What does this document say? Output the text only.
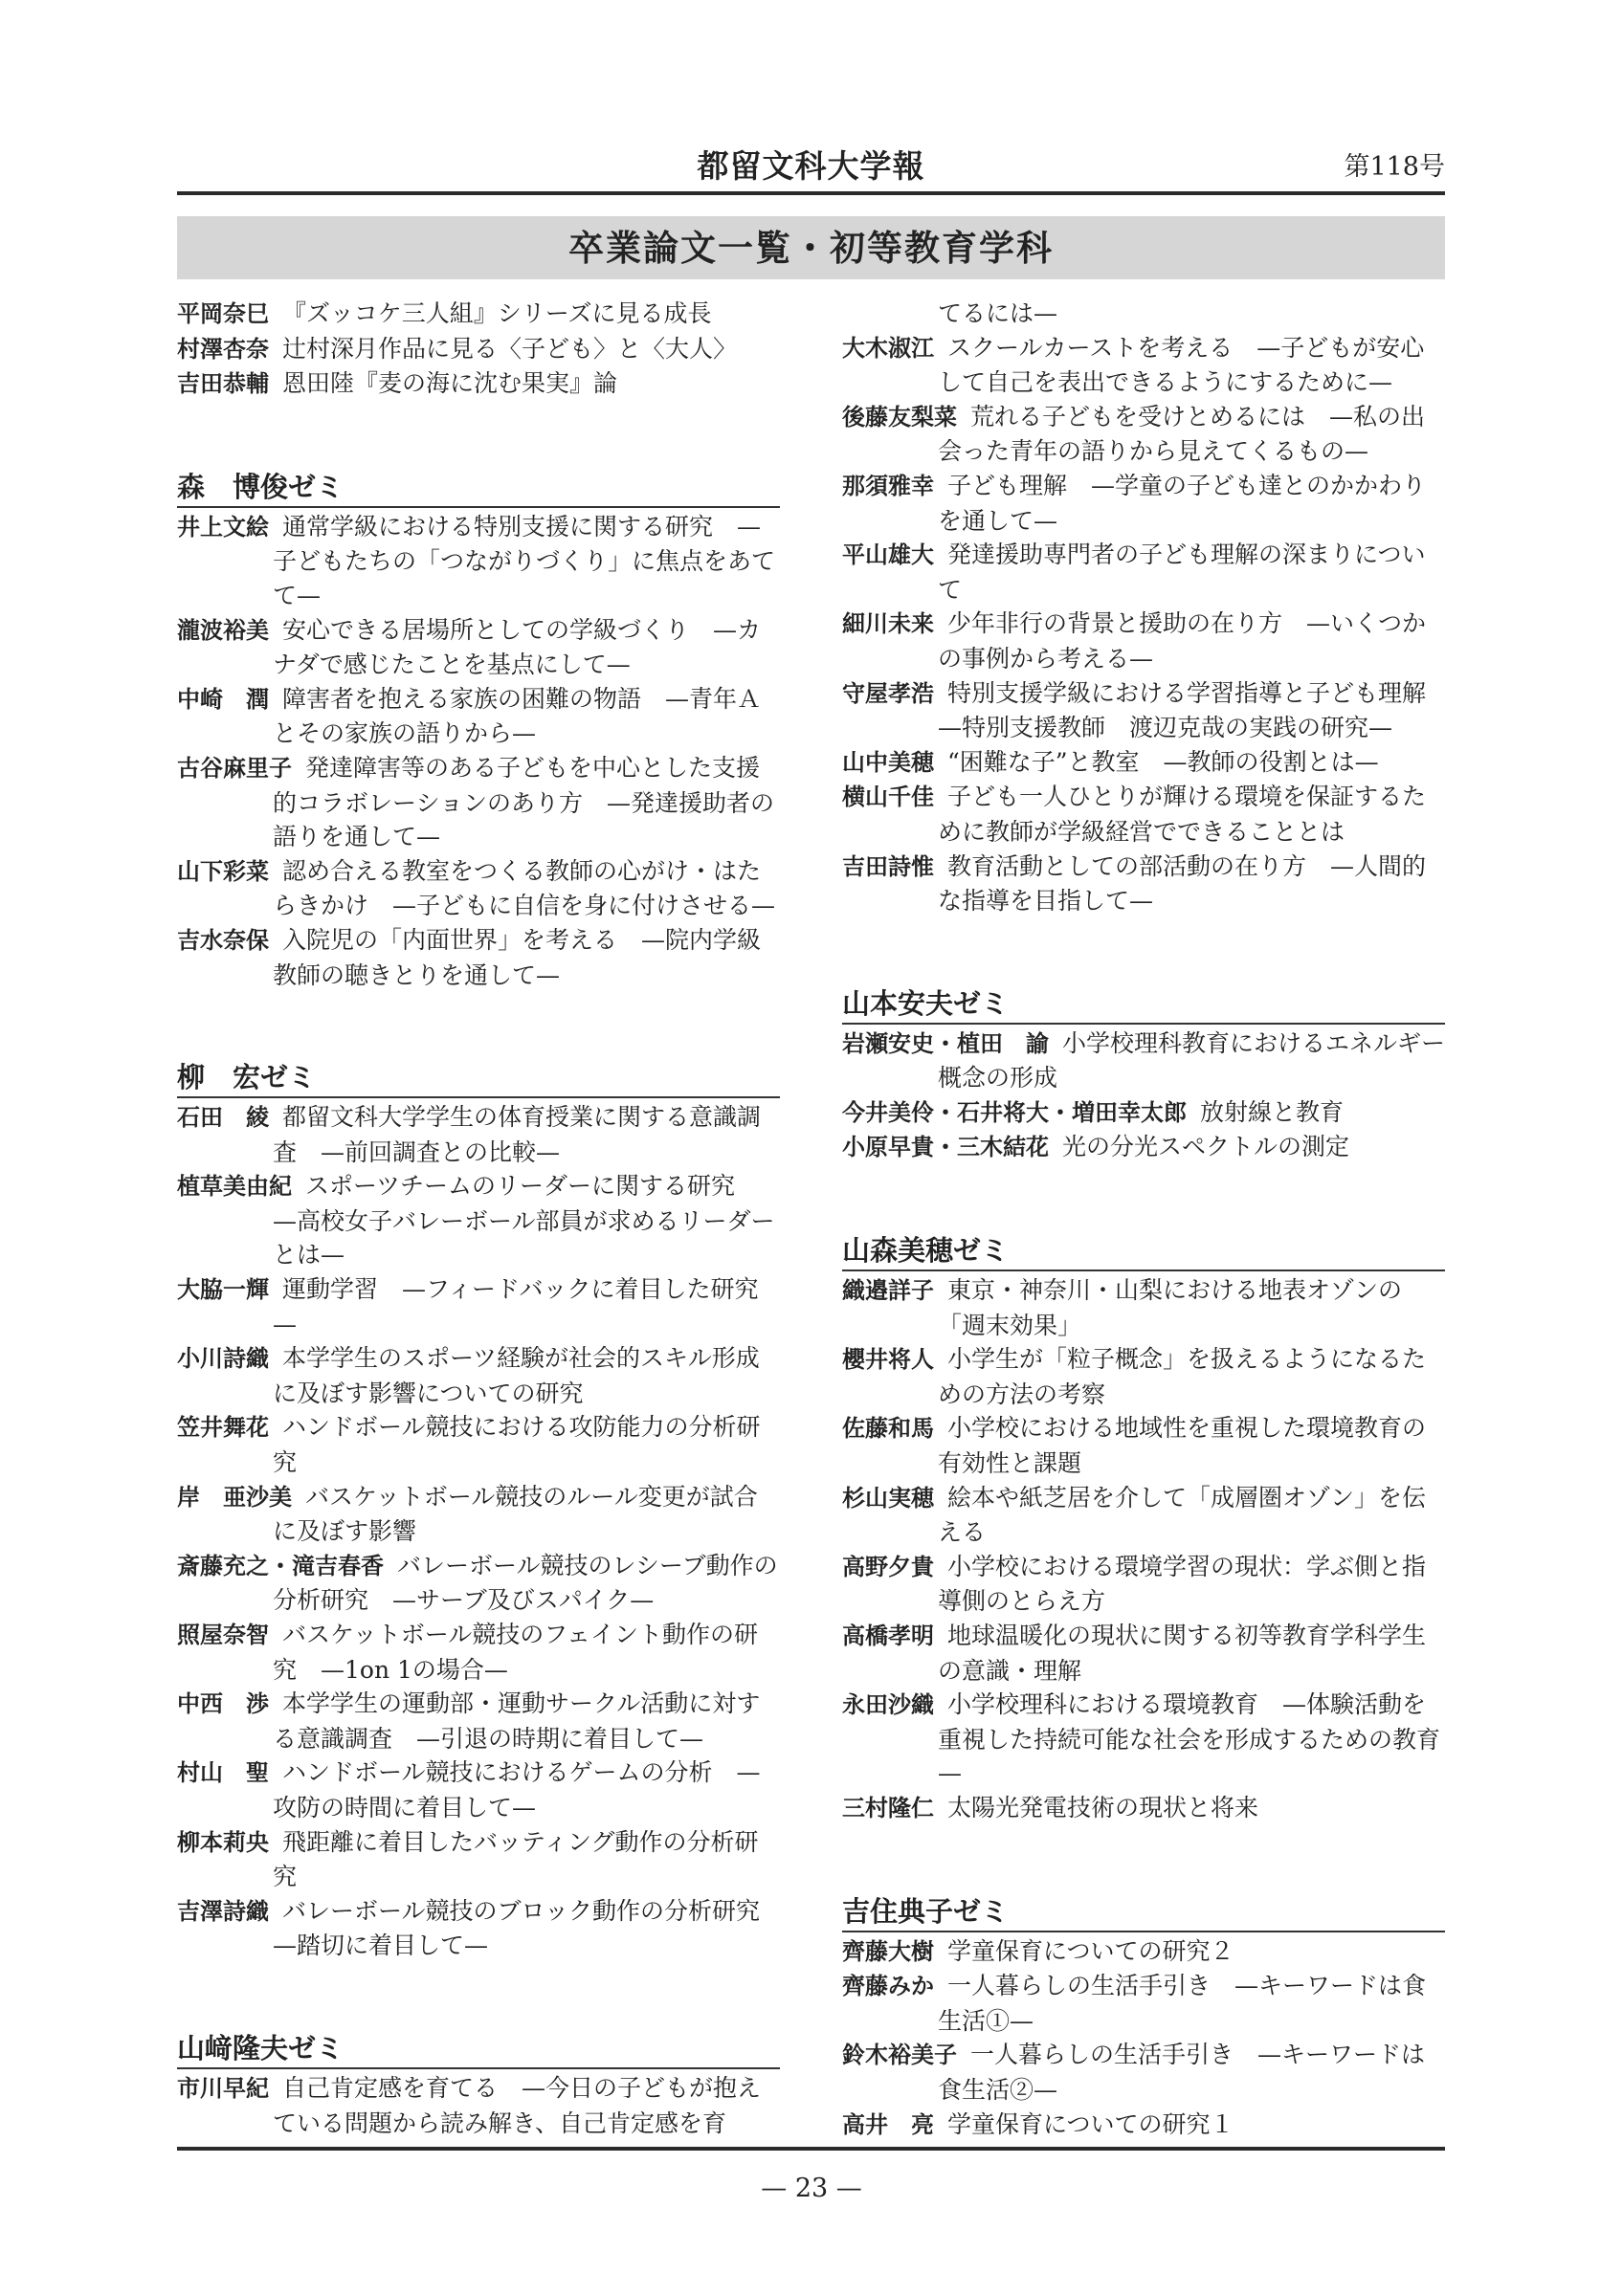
都留文科大学報	第118号
卒業論文一覧・初等教育学科
平岡奈巳 『ズッコケ三人組』シリーズに見る成長
村澤杏奈 辻村深月作品に見る〈子ども〉と〈大人〉
吉田恭輔 恩田陸『麦の海に沈む果実』論
森　博俊ゼミ
井上文絵 通常学級における特別支援に関する研究　—子どもたちの「つながりづくり」に焦点をあてて—
瀧波裕美 安心できる居場所としての学級づくり　—カナダで感じたことを基点にして—
中崎　潤 障害者を抱える家族の困難の物語　—青年Ａとその家族の語りから—
古谷麻里子 発達障害等のある子どもを中心とした支援的コラボレーションのあり方　—発達援助者の語りを通して—
山下彩菜 認め合える教室をつくる教師の心がけ・はたらきかけ　—子どもに自信を身に付けさせる—
吉水奈保 入院児の「内面世界」を考える　—院内学級教師の聴きとりを通して—
柳　宏ゼミ
石田　綾 都留文科大学学生の体育授業に関する意識調査　—前回調査との比較—
植草美由紀 スポーツチームのリーダーに関する研究　—高校女子バレーボール部員が求めるリーダーとは—
大脇一輝 運動学習　—フィードバックに着目した研究—
小川詩織 本学学生のスポーツ経験が社会的スキル形成に及ぼす影響についての研究
笠井舞花 ハンドボール競技における攻防能力の分析研究
岸　亜沙美 バスケットボール競技のルール変更が試合に及ぼす影響
斎藤充之・滝吉春香 バレーボール競技のレシーブ動作の分析研究　—サーブ及びスパイク—
照屋奈智 バスケットボール競技のフェイント動作の研究　—1on 1の場合—
中西　渉 本学学生の運動部・運動サークル活動に対する意識調査　—引退の時期に着目して—
村山　聖 ハンドボール競技におけるゲームの分析　—攻防の時間に着目して—
柳本莉央 飛距離に着目したバッティング動作の分析研究
吉澤詩織 バレーボール競技のブロック動作の分析研究　—踏切に着目して—
山﨑隆夫ゼミ
市川早紀 自己肯定感を育てる　—今日の子どもが抱えている問題から読み解き、自己肯定感を育
てるには—
大木淑江 スクールカーストを考える　—子どもが安心して自己を表出できるようにするために—
後藤友梨菜 荒れる子どもを受けとめるには　—私の出会った青年の語りから見えてくるもの—
那須雅幸 子ども理解　—学童の子ども達とのかかわりを通して—
平山雄大 発達援助専門者の子ども理解の深まりについて
細川未来 少年非行の背景と援助の在り方　—いくつかの事例から考える—
守屋孝浩 特別支援学級における学習指導と子ども理解—特別支援教師　渡辺克哉の実践の研究—
山中美穂 “困難な子”と教室　—教師の役割とは—
横山千佳 子ども一人ひとりが輝ける環境を保証するために教師が学級経営でできることとは
吉田詩惟 教育活動としての部活動の在り方　—人間的な指導を目指して—
山本安夫ゼミ
岩瀬安史・植田　諭 小学校理科教育におけるエネルギー概念の形成
今井美伶・石井将大・増田幸太郎 放射線と教育
小原早貴・三木結花 光の分光スペクトルの測定
山森美穂ゼミ
織邉詳子 東京・神奈川・山梨における地表オゾンの「週末効果」
櫻井将人 小学生が「粒子概念」を扱えるようになるための方法の考察
佐藤和馬 小学校における地域性を重視した環境教育の有効性と課題
杉山実穂 絵本や紙芝居を介して「成層圏オゾン」を伝える
高野夕貴 小学校における環境学習の現状：学ぶ側と指導側のとらえ方
高橋孝明 地球温暖化の現状に関する初等教育学科学生の意識・理解
永田沙織 小学校理科における環境教育　—体験活動を重視した持続可能な社会を形成するための教育—
三村隆仁 太陽光発電技術の現状と将来
吉住典子ゼミ
齊藤大樹 学童保育についての研究２
齊藤みか 一人暮らしの生活手引き　—キーワードは食生活①—
鈴木裕美子 一人暮らしの生活手引き　—キーワードは食生活②—
高井　亮 学童保育についての研究１
— 23 —
